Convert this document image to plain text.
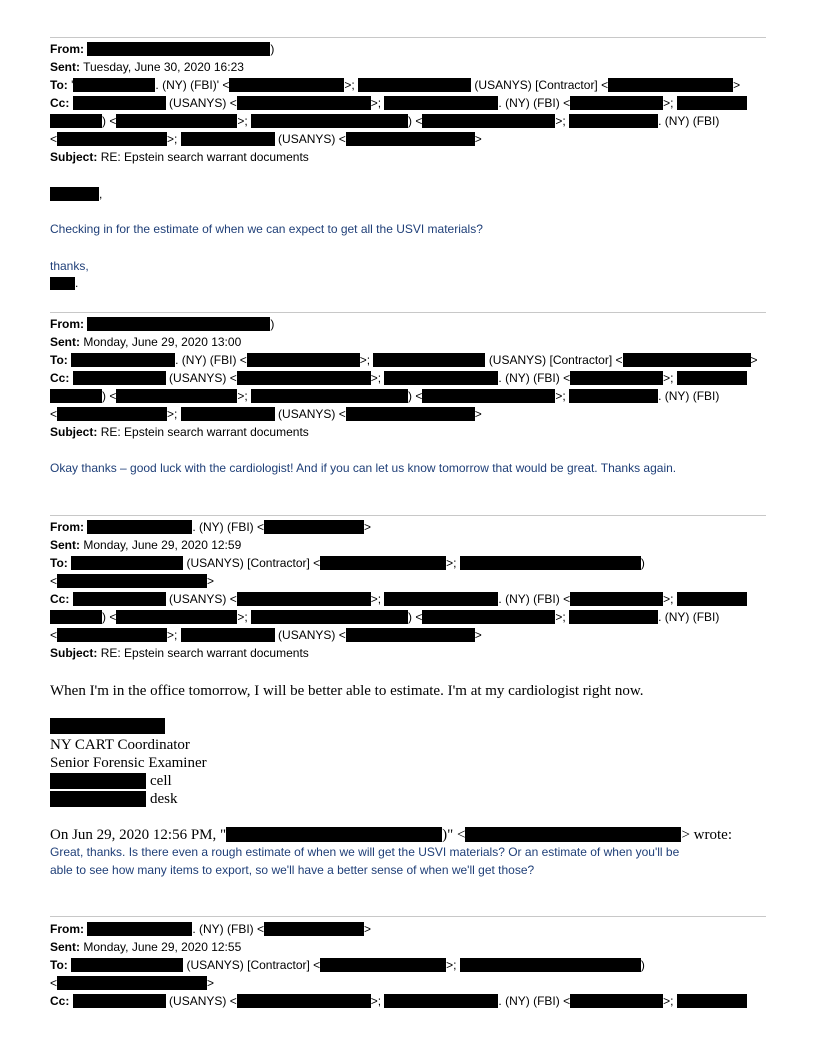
From:	)
Sent: Tuesday, June 30, 2020 16:23
To: '	. (NY) (FBI)' <	>;	(USANYS) [Contractor] <	>
Cc:	(USANYS) <	>;	. (NY) (FBI) <	>;
) <	>;	) <	>;	. (NY) (FBI)
<	>;	(USANYS) <	>
Subject: RE: Epstein search warrant documents
,
Checking in for the estimate of when we can expect to get all the USVI materials?
thanks,
.
From:	)
Sent: Monday, June 29, 2020 13:00
To:	. (NY) (FBI) <	>;	(USANYS) [Contractor] <	>
Cc:	(USANYS) <	>;	. (NY) (FBI) <	>;
) <	>;	) <	>;	. (NY) (FBI)
<	>;	(USANYS) <	>
Subject: RE: Epstein search warrant documents
Okay thanks – good luck with the cardiologist! And if you can let us know tomorrow that would be great. Thanks again.
From:	. (NY) (FBI) <	>
Sent: Monday, June 29, 2020 12:59
To:	(USANYS) [Contractor] <	>;	)
<	>
Cc:	(USANYS) <	>;	. (NY) (FBI) <	>;
) <	>;	) <	>;	. (NY) (FBI)
<	>;	(USANYS) <	>
Subject: RE: Epstein search warrant documents
When I'm in the office tomorrow, I will be better able to estimate. I'm at my cardiologist right now.
NY CART Coordinator
Senior Forensic Examiner
cell
desk
On Jun 29, 2020 12:56 PM, "	)" <	> wrote:
Great, thanks. Is there even a rough estimate of when we will get the USVI materials? Or an estimate of when you'll be
able to see how many items to export, so we'll have a better sense of when we'll get those?
From:	. (NY) (FBI) <	>
Sent: Monday, June 29, 2020 12:55
To:	(USANYS) [Contractor] <	>;	)
<	>
Cc:	(USANYS) <	>;	. (NY) (FBI) <	>;
